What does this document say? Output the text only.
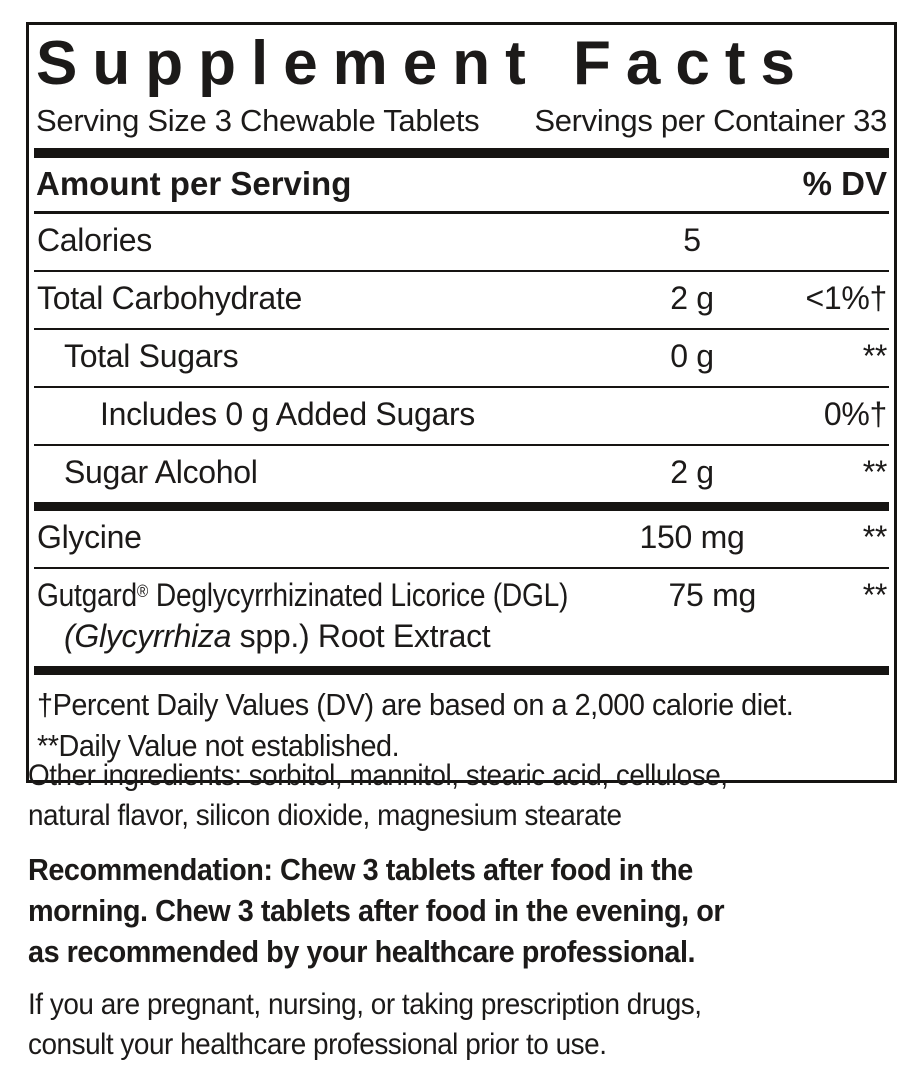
Supplement Facts
Serving Size 3 Chewable Tablets Servings per Container 33
Amount per Serving	% DV
Calories	5
Total Carbohydrate	2 g	<1%†
Total Sugars	0 g	**
Includes 0 g Added Sugars	0%†
Sugar Alcohol	2 g	**
Glycine	150 mg	**
Gutgard® Deglycyrrhizinated Licorice (DGL)
(Glycyrrhiza spp.) Root Extract
75 mg	**
†Percent Daily Values (DV) are based on a 2,000 calorie diet.
**Daily Value not established.
Other ingredients: sorbitol, mannitol, stearic acid, cellulose,
natural flavor, silicon dioxide, magnesium stearate
Recommendation: Chew 3 tablets after food in the
morning. Chew 3 tablets after food in the evening, or
as recommended by your healthcare professional.
If you are pregnant, nursing, or taking prescription drugs,
consult your healthcare professional prior to use.
